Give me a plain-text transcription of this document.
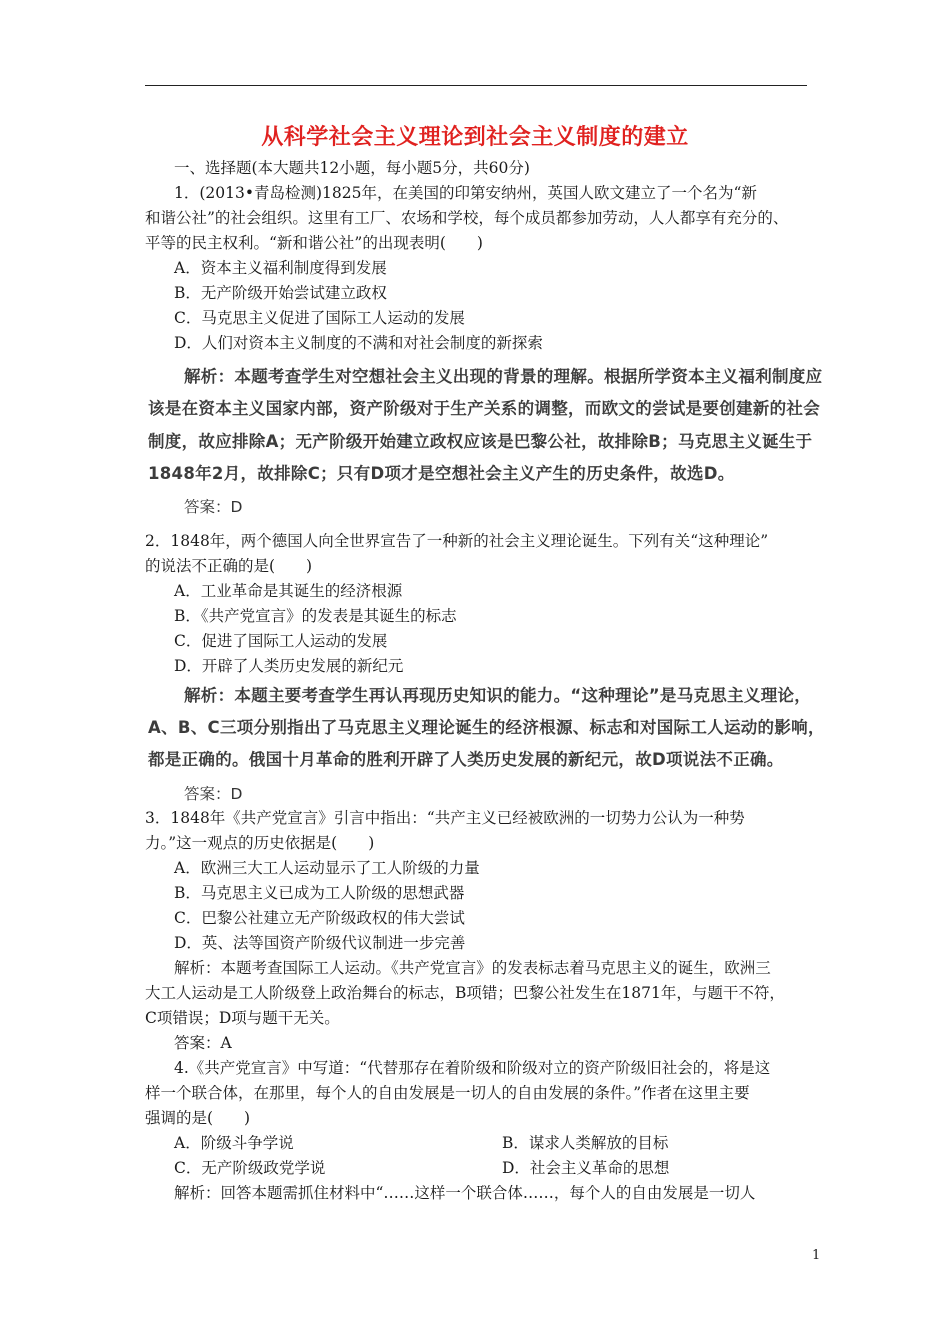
从科学社会主义理论到社会主义制度的建立
一、选择题(本大题共12小题，每小题5分，共60分)
1．(2013•青岛检测)1825年，在美国的印第安纳州，英国人欧文建立了一个名为“新
和谐公社”的社会组织。这里有工厂、农场和学校，每个成员都参加劳动，人人都享有充分的、
平等的民主权利。“新和谐公社”的出现表明(　　)
A．资本主义福利制度得到发展
B．无产阶级开始尝试建立政权
C．马克思主义促进了国际工人运动的发展
D．人们对资本主义制度的不满和对社会制度的新探索
解析：本题考查学生对空想社会主义出现的背景的理解。根据所学资本主义福利制度应
该是在资本主义国家内部，资产阶级对于生产关系的调整，而欧文的尝试是要创建新的社会
制度，故应排除A；无产阶级开始建立政权应该是巴黎公社，故排除B；马克思主义诞生于
1848年2月，故排除C；只有D项才是空想社会主义产生的历史条件，故选D。
答案：D
2．1848年，两个德国人向全世界宣告了一种新的社会主义理论诞生。下列有关“这种理论”
的说法不正确的是(　　)
A．工业革命是其诞生的经济根源
B．《共产党宣言》的发表是其诞生的标志
C．促进了国际工人运动的发展
D．开辟了人类历史发展的新纪元
解析：本题主要考查学生再认再现历史知识的能力。“这种理论”是马克思主义理论，
A、B、C三项分别指出了马克思主义理论诞生的经济根源、标志和对国际工人运动的影响，
都是正确的。俄国十月革命的胜利开辟了人类历史发展的新纪元，故D项说法不正确。
答案：D
3．1848年《共产党宣言》引言中指出：“共产主义已经被欧洲的一切势力公认为一种势
力。”这一观点的历史依据是(　　)
A．欧洲三大工人运动显示了工人阶级的力量
B．马克思主义已成为工人阶级的思想武器
C．巴黎公社建立无产阶级政权的伟大尝试
D．英、法等国资产阶级代议制进一步完善
解析：本题考查国际工人运动。《共产党宣言》的发表标志着马克思主义的诞生，欧洲三
大工人运动是工人阶级登上政治舞台的标志，B项错；巴黎公社发生在1871年，与题干不符，
C项错误；D项与题干无关。
答案：A
4.《共产党宣言》中写道：“代替那存在着阶级和阶级对立的资产阶级旧社会的，将是这
样一个联合体，在那里，每个人的自由发展是一切人的自由发展的条件。”作者在这里主要
强调的是(　　)
A．阶级斗争学说	B．谋求人类解放的目标
C．无产阶级政党学说	D．社会主义革命的思想
解析：回答本题需抓住材料中“……这样一个联合体……，每个人的自由发展是一切人
1
